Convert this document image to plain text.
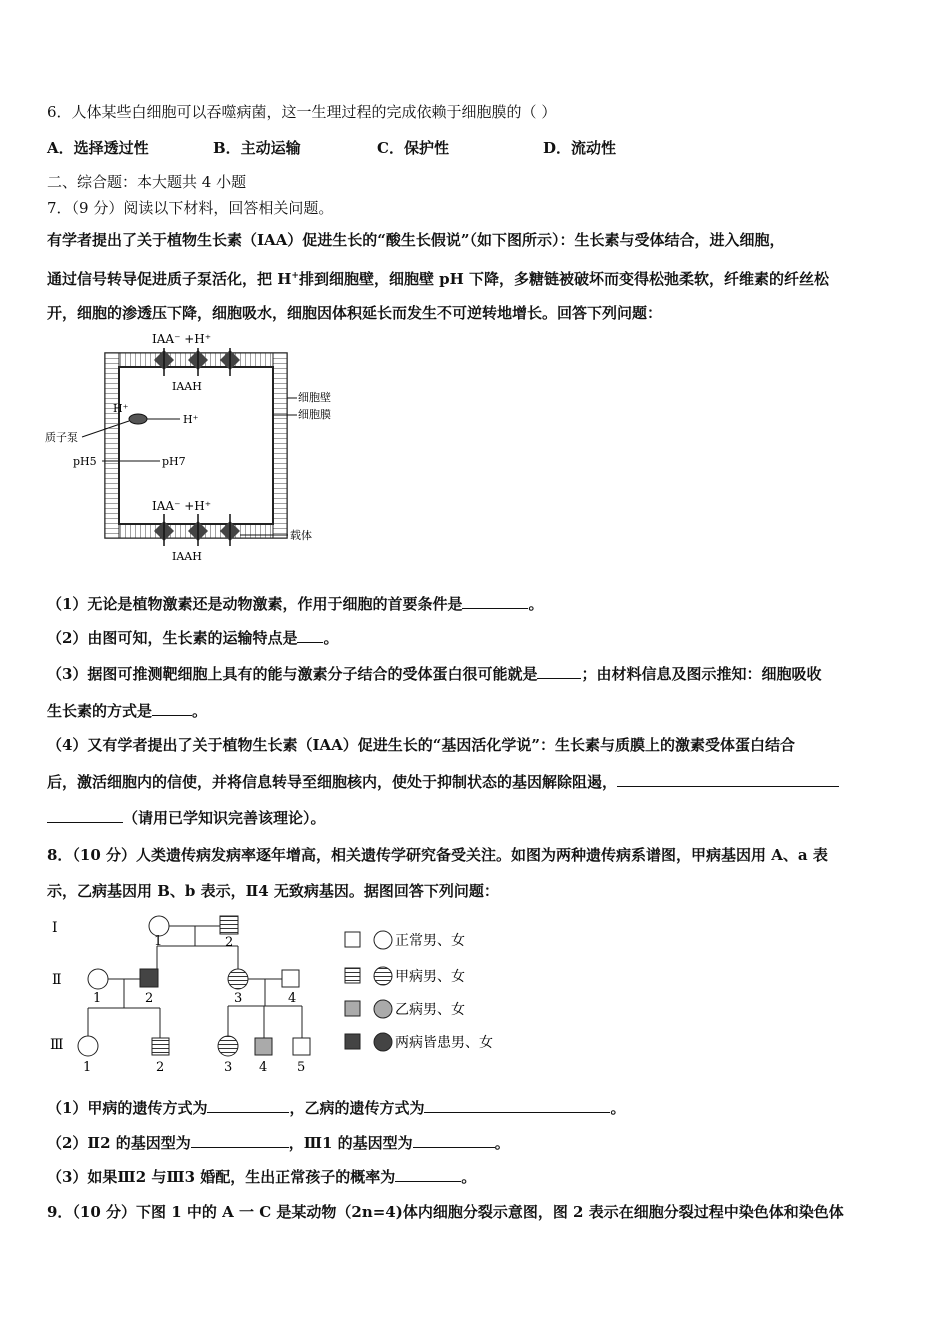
6．人体某些白细胞可以吞噬病菌，这一生理过程的完成依赖于细胞膜的（ ）
A．选择透过性	B．主动运输	C．保护性	D．流动性
二、综合题：本大题共 4 小题
7．（9 分）阅读以下材料，回答相关问题。
有学者提出了关于植物生长素（IAA）促进生长的“酸生长假说”（如下图所示）：生长素与受体结合，进入细胞，
通过信号转导促进质子泵活化，把 H+排到细胞壁，细胞壁 pH 下降，多糖链被破坏而变得松弛柔软，纤维素的纤丝松
开，细胞的渗透压下降，细胞吸水，细胞因体积延长而发生不可逆转地增长。回答下列问题：
IAA⁻ +H⁺
IAAH
细胞壁
细胞膜
H⁺
H⁺
质子泵
pH5	pH7
IAA⁻ +H⁺
载体
IAAH
（1）无论是植物激素还是动物激素，作用于细胞的首要条件是	。
（2）由图可知，生长素的运输特点是 。
（3）据图可推测靶细胞上具有的能与激素分子结合的受体蛋白很可能就是	；由材料信息及图示推知：细胞吸收
生长素的方式是	。
（4）又有学者提出了关于植物生长素（IAA）促进生长的“基因活化学说”：生长素与质膜上的激素受体蛋白结合
后，激活细胞内的信使，并将信息转导至细胞核内，使处于抑制状态的基因解除阻遏，
（请用已学知识完善该理论）。
8．（10 分）人类遗传病发病率逐年增高，相关遗传学研究备受关注。如图为两种遗传病系谱图，甲病基因用 A、a 表
示，乙病基因用 B、b 表示，Ⅱ4 无致病基因。据图回答下列问题：
Ⅰ
Ⅱ
Ⅲ
1	2
1	2	3	4
1	2	3 4 5
正常男、女
甲病男、女
乙病男、女
两病皆患男、女
（1）甲病的遗传方式为	，乙病的遗传方式为	。
（2）Ⅱ2 的基因型为	，Ⅲ1 的基因型为	。
（3）如果Ⅲ2 与Ⅲ3 婚配，生出正常孩子的概率为	。
9．（10 分）下图 1 中的 A 一 C 是某动物（2n=4)体内细胞分裂示意图，图 2 表示在细胞分裂过程中染色体和染色体
